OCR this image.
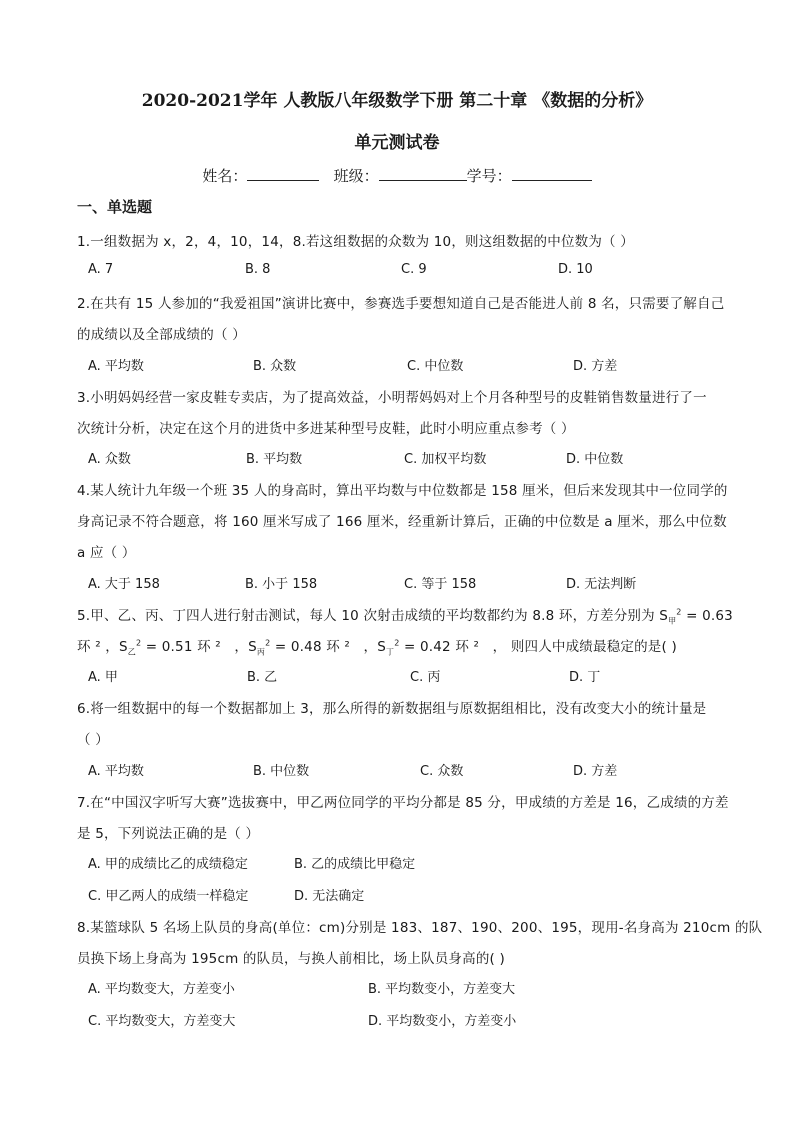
2020-2021学年 人教版八年级数学下册 第二十章 《数据的分析》
单元测试卷
姓名：	班级：	学号：
一、单选题
1.一组数据为 x，2，4，10，14，8.若这组数据的众数为 10，则这组数据的中位数为（ ）
A. 7	B. 8	C. 9	D. 10
2.在共有 15 人参加的“我爱祖国”演讲比赛中，参赛选手要想知道自己是否能进人前 8 名，只需要了解自己
的成绩以及全部成绩的（ ）
A. 平均数	B. 众数	C. 中位数	D. 方差
3.小明妈妈经营一家皮鞋专卖店，为了提高效益，小明帮妈妈对上个月各种型号的皮鞋销售数量进行了一
次统计分析，决定在这个月的进货中多进某种型号皮鞋，此时小明应重点参考（ ）
A. 众数	B. 平均数	C. 加权平均数	D. 中位数
4.某人统计九年级一个班 35 人的身高时，算出平均数与中位数都是 158 厘米，但后来发现其中一位同学的
身高记录不符合题意，将 160 厘米写成了 166 厘米，经重新计算后，正确的中位数是 a 厘米，那么中位数
a 应（ ）
A. 大于 158	B. 小于 158	C. 等于 158	D. 无法判断
5.甲、乙、丙、丁四人进行射击测试，每人 10 次射击成绩的平均数都约为 8.8 环，方差分别为 $S_甲^2 = 0.63$
环 ² ，$S_乙^2 = 0.51$ 环 ²   ，$S_丙^2 = 0.48$ 环 ²   ，$S_丁^2 = 0.42$ 环 ²   ， 则四人中成绩最稳定的是( )
A. 甲	B. 乙	C. 丙	D. 丁
6.将一组数据中的每一个数据都加上 3，那么所得的新数据组与原数据组相比，没有改变大小的统计量是
（ ）
A. 平均数	B. 中位数	C. 众数	D. 方差
7.在“中国汉字听写大赛”选拔赛中，甲乙两位同学的平均分都是 85 分，甲成绩的方差是 16，乙成绩的方差
是 5，下列说法正确的是（ ）
A. 甲的成绩比乙的成绩稳定	B. 乙的成绩比甲稳定
C. 甲乙两人的成绩一样稳定	D. 无法确定
8.某篮球队 5 名场上队员的身高(单位：cm)分别是 183、187、190、200、195，现用-名身高为 210cm 的队
员换下场上身高为 195cm 的队员，与换人前相比，场上队员身高的( )
A. 平均数变大，方差变小	B. 平均数变小，方差变大
C. 平均数变大，方差变大	D. 平均数变小，方差变小
